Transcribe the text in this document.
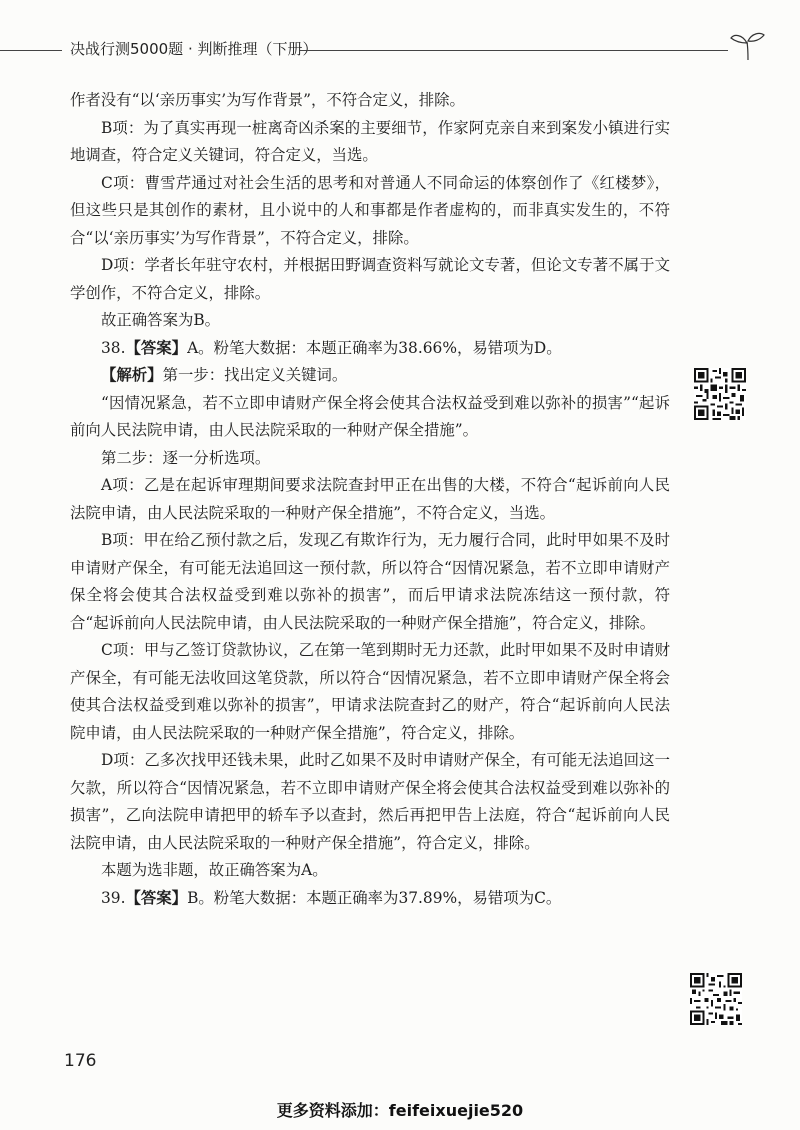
决战行测5000题 · 判断推理（下册）

作者没有“以‘亲历事实’为写作背景”，不符合定义，排除。

B项：为了真实再现一桩离奇凶杀案的主要细节，作家阿克亲自来到案发小镇进行实地调查，符合定义关键词，符合定义，当选。

C项：曹雪芹通过对社会生活的思考和对普通人不同命运的体察创作了《红楼梦》，但这些只是其创作的素材，且小说中的人和事都是作者虚构的，而非真实发生的，不符合“以‘亲历事实’为写作背景”，不符合定义，排除。

D项：学者长年驻守农村，并根据田野调查资料写就论文专著，但论文专著不属于文学创作，不符合定义，排除。

故正确答案为B。

38.【答案】A。粉笔大数据：本题正确率为38.66%，易错项为D。

【解析】第一步：找出定义关键词。

“因情况紧急，若不立即申请财产保全将会使其合法权益受到难以弥补的损害”“起诉前向人民法院申请，由人民法院采取的一种财产保全措施”。

第二步：逐一分析选项。

A项：乙是在起诉审理期间要求法院查封甲正在出售的大楼，不符合“起诉前向人民法院申请，由人民法院采取的一种财产保全措施”，不符合定义，当选。

B项：甲在给乙预付款之后，发现乙有欺诈行为，无力履行合同，此时甲如果不及时申请财产保全，有可能无法追回这一预付款，所以符合“因情况紧急，若不立即申请财产保全将会使其合法权益受到难以弥补的损害”，而后甲请求法院冻结这一预付款，符合“起诉前向人民法院申请，由人民法院采取的一种财产保全措施”，符合定义，排除。

C项：甲与乙签订贷款协议，乙在第一笔到期时无力还款，此时甲如果不及时申请财产保全，有可能无法收回这笔贷款，所以符合“因情况紧急，若不立即申请财产保全将会使其合法权益受到难以弥补的损害”，甲请求法院查封乙的财产，符合“起诉前向人民法院申请，由人民法院采取的一种财产保全措施”，符合定义，排除。

D项：乙多次找甲还钱未果，此时乙如果不及时申请财产保全，有可能无法追回这一欠款，所以符合“因情况紧急，若不立即申请财产保全将会使其合法权益受到难以弥补的损害”，乙向法院申请把甲的轿车予以查封，然后再把甲告上法庭，符合“起诉前向人民法院申请，由人民法院采取的一种财产保全措施”，符合定义，排除。

本题为选非题，故正确答案为A。

39.【答案】B。粉笔大数据：本题正确率为37.89%，易错项为C。

176
更多资料添加：feifeixuejie520
